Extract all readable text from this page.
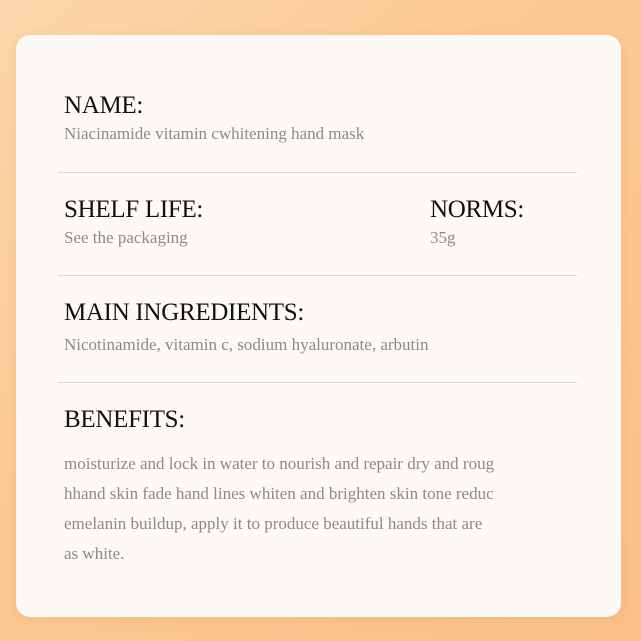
NAME:
Niacinamide vitamin cwhitening hand mask
SHELF LIFE:
See the packaging
NORMS:
35g
MAIN INGREDIENTS:
Nicotinamide, vitamin c, sodium hyaluronate, arbutin
BENEFITS:
moisturize and lock in water to nourish and repair dry and roug
hhand skin fade hand lines whiten and brighten skin tone reduc
emelanin buildup, apply it to produce beautiful hands that are
as white.
